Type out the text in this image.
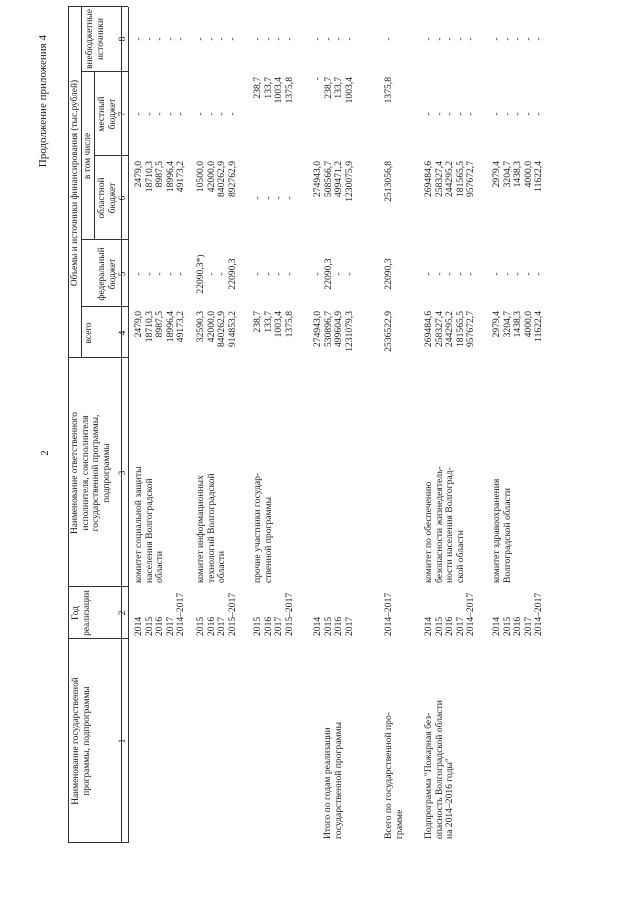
2
Продолжение приложения 4
Наименование государственной
программы, подпрограммы
Год
реализации
Наименование ответственного
исполнителя, соисполнителя
государственной программы,
подпрограммы
Объемы и источники финансирования (тыс.рублей)
всего
в том числе
федеральный
бюджет
областной
бюджет
местный
бюджет
внебюджетные
источники
1
2
3
4
5
6
7
8
2014
2015
2016
2017
2014–2017
комитет социальной защиты
населения Волгоградской
области
2479,0
18710,3
8987,5
18996,4
49173,2
-
-
-
-
-
2479,0
18710,3
8987,5
18996,4
49173,2
-
-
-
-
-
-
-
-
-
-
2015
2016
2017
2015–2017
комитет информационных
технологий Волгоградской
области
32590,3
42000,0
840262,9
914853,2
22090,3*)
-
-
22090,3
10500,0
42000,0
840262,9
892762,9
-
-
-
-
-
-
-
-
2015
2016
2017
2015–2017
прочие участники государ-
ственной программы
238,7
133,7
1003,4
1375,8
-
-
-
-
-
-
-
-
238,7
133,7
1003,4
1375,8
-
-
-
-
Итого по годам реализации
государственной программы
2014
2015
2016
2017
274943,0
530896,7
499604,9
1231079,3
-
22090,3
-
-
274943,0
508566,7
499471,2
1230075,9
-
238,7
133,7
1003,4
-
-
-
-
Всего по государственной про-
грамме
2014–2017
2536522,9
22090,3
2513056,8
1375,8
-
Подпрограмма "Пожарная без-
опасность Волгоградской области
на 2014–2016 годы"
2014
2015
2016
2017
2014–2017
комитет по обеспечению
безопасности жизнедеятель-
ности населения Волгоград-
ской области
269484,6
258327,4
244295,2
181565,5
957672,7
-
-
-
-
-
269484,6
258327,4
244295,2
181565,5
957672,7
-
-
-
-
-
-
-
-
-
-
2014
2015
2016
2017
2014–2017
комитет здравоохранения
Волгоградской области
2979,4
3204,7
1438,3
4000,0
11622,4
-
-
-
-
-
2979,4
3204,7
1438,3
4000,0
11622,4
-
-
-
-
-
-
-
-
-
-
